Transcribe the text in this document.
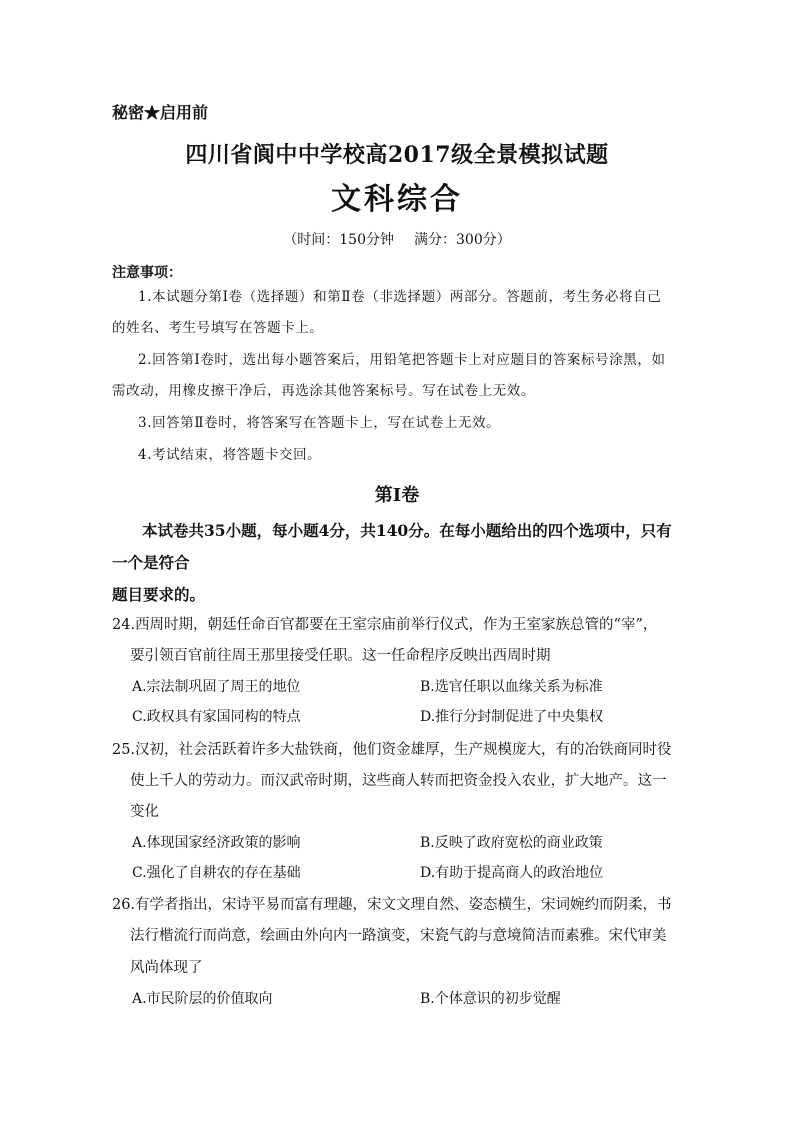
秘密★启用前
四川省阆中中学校高2017级全景模拟试题
文科综合
（时间：150分钟 满分：300分）
注意事项：
1.本试题分第Ⅰ卷（选择题）和第Ⅱ卷（非选择题）两部分。答题前，考生务必将自己
的姓名、考生号填写在答题卡上。
2.回答第Ⅰ卷时，选出每小题答案后，用铅笔把答题卡上对应题目的答案标号涂黑，如
需改动，用橡皮擦干净后，再选涂其他答案标号。写在试卷上无效。
3.回答第Ⅱ卷时，将答案写在答题卡上，写在试卷上无效。
4.考试结束，将答题卡交回。
第Ⅰ卷
本试卷共35小题，每小题4分，共140分。在每小题给出的四个选项中，只有一个是符合
题目要求的。
24.西周时期，朝廷任命百官都要在王室宗庙前举行仪式，作为王室家族总管的“宰”，
要引领百官前往周王那里接受任职。这一任命程序反映出西周时期
A.宗法制巩固了周王的地位	B.选官任职以血缘关系为标准
C.政权具有家国同构的特点	D.推行分封制促进了中央集权
25.汉初，社会活跃着许多大盐铁商，他们资金雄厚，生产规模庞大，有的冶铁商同时役
使上千人的劳动力。而汉武帝时期，这些商人转而把资金投入农业，扩大地产。这一
变化
A.体现国家经济政策的影响	B.反映了政府宽松的商业政策
C.强化了自耕农的存在基础	D.有助于提高商人的政治地位
26.有学者指出，宋诗平易而富有理趣，宋文文理自然、姿态横生，宋词婉约而阴柔，书
法行楷流行而尚意，绘画由外向内一路演变，宋瓷气韵与意境简洁而素雅。宋代审美
风尚体现了
A.市民阶层的价值取向	B.个体意识的初步觉醒
